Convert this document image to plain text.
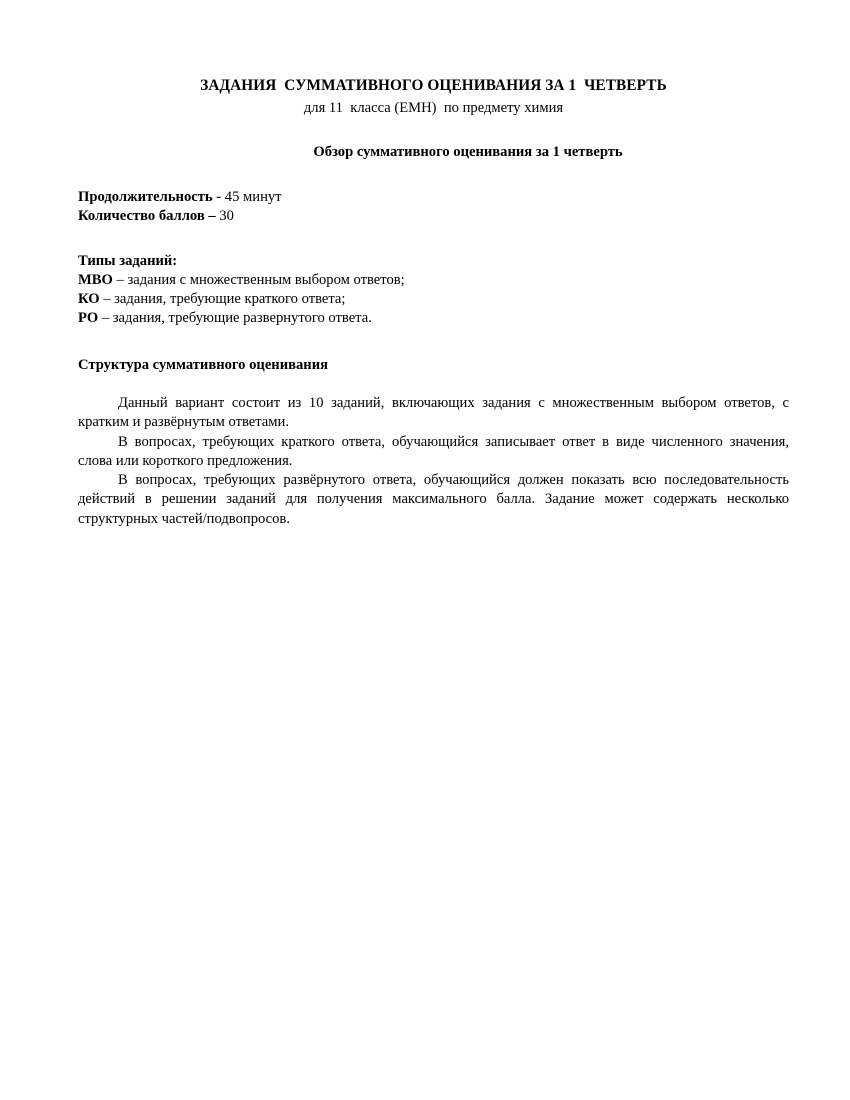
ЗАДАНИЯ  СУММАТИВНОГО ОЦЕНИВАНИЯ ЗА 1  ЧЕТВЕРТЬ
для 11  класса (ЕМН)  по предмету химия
Обзор суммативного оценивания за 1 четверть
Продолжительность - 45 минут
Количество баллов – 30
Типы заданий:
МВО – задания с множественным выбором ответов;
КО – задания, требующие краткого ответа;
РО – задания, требующие развернутого ответа.
Структура суммативного оценивания

Данный вариант состоит из 10 заданий, включающих задания с множественным выбором ответов, с кратким и развёрнутым ответами.

В вопросах, требующих краткого ответа, обучающийся записывает ответ в виде численного значения, слова или короткого предложения.

В вопросах, требующих развёрнутого ответа, обучающийся должен показать всю последовательность действий в решении заданий для получения максимального балла. Задание может содержать несколько структурных частей/подвопросов.
